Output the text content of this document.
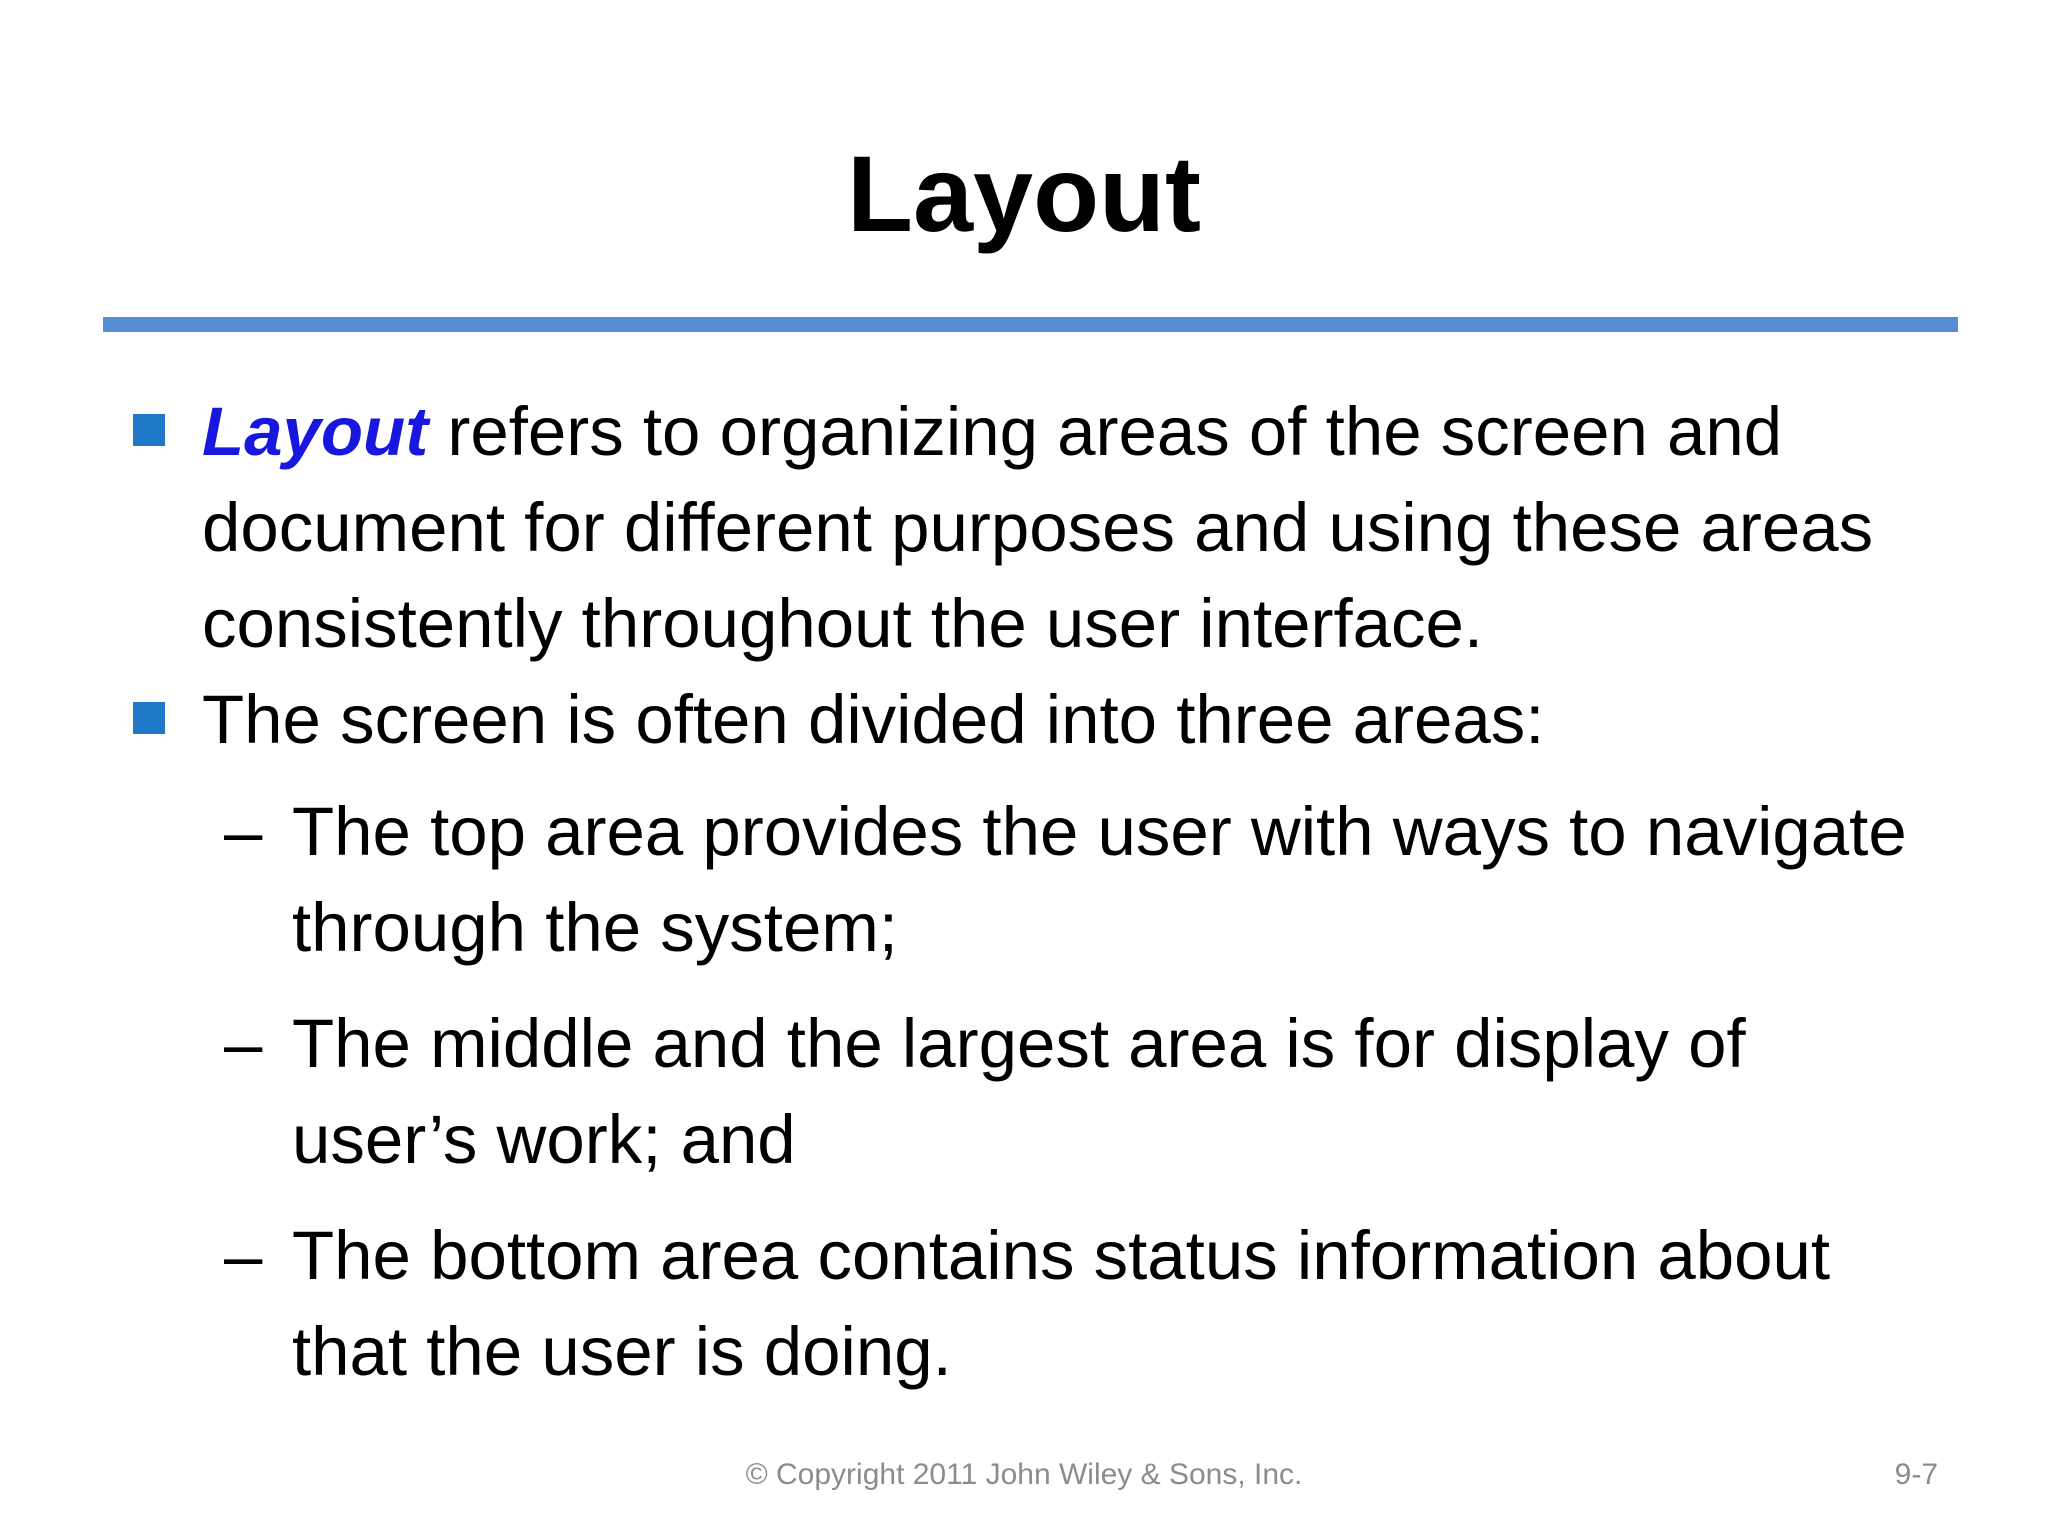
Layout
Layout refers to organizing areas of the screen and document for different purposes and using these areas consistently throughout the user interface.
The screen is often divided into three areas:
– The top area provides the user with ways to navigate through the system;
– The middle and the largest area is for display of user’s work; and
– The bottom area contains status information about that the user is doing.
© Copyright 2011 John Wiley & Sons, Inc.	9-7
